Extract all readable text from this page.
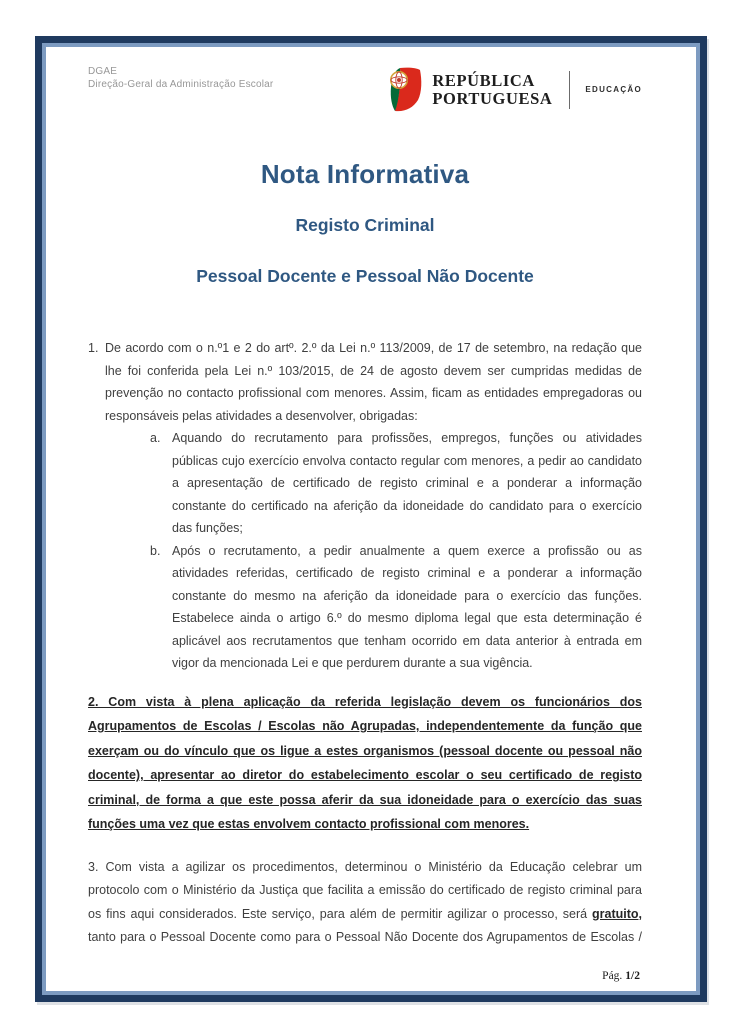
DGAE
Direção-Geral da Administração Escolar	REPÚBLICA
PORTUGUESA	EDUCAÇÃO
Nota Informativa
Registo Criminal
Pessoal Docente e Pessoal Não Docente
1. De acordo com o n.º1 e 2 do artº. 2.º da Lei n.º 113/2009, de 17 de setembro, na redação que lhe foi conferida pela Lei n.º 103/2015, de 24 de agosto devem ser cumpridas medidas de prevenção no contacto profissional com menores. Assim, ficam as entidades empregadoras ou responsáveis pelas atividades a desenvolver, obrigadas:

a. Aquando do recrutamento para profissões, empregos, funções ou atividades públicas cujo exercício envolva contacto regular com menores, a pedir ao candidato a apresentação de certificado de registo criminal e a ponderar a informação constante do certificado na aferição da idoneidade do candidato para o exercício das funções;

b. Após o recrutamento, a pedir anualmente a quem exerce a profissão ou as atividades referidas, certificado de registo criminal e a ponderar a informação constante do mesmo na aferição da idoneidade para o exercício das funções. Estabelece ainda o artigo 6.º do mesmo diploma legal que esta determinação é aplicável aos recrutamentos que tenham ocorrido em data anterior à entrada em vigor da mencionada Lei e que perdurem durante a sua vigência.

2. Com vista à plena aplicação da referida legislação devem os funcionários dos Agrupamentos de Escolas / Escolas não Agrupadas, independentemente da função que exerçam ou do vínculo que os ligue a estes organismos (pessoal docente ou pessoal não docente), apresentar ao diretor do estabelecimento escolar o seu certificado de registo criminal, de forma a que este possa aferir da sua idoneidade para o exercício das suas funções uma vez que estas envolvem contacto profissional com menores.

3. Com vista a agilizar os procedimentos, determinou o Ministério da Educação celebrar um protocolo com o Ministério da Justiça que facilita a emissão do certificado de registo criminal para os fins aqui considerados. Este serviço, para além de permitir agilizar o processo, será gratuito, tanto para o Pessoal Docente como para o Pessoal Não Docente dos Agrupamentos de Escolas /

Pág. 1/2
